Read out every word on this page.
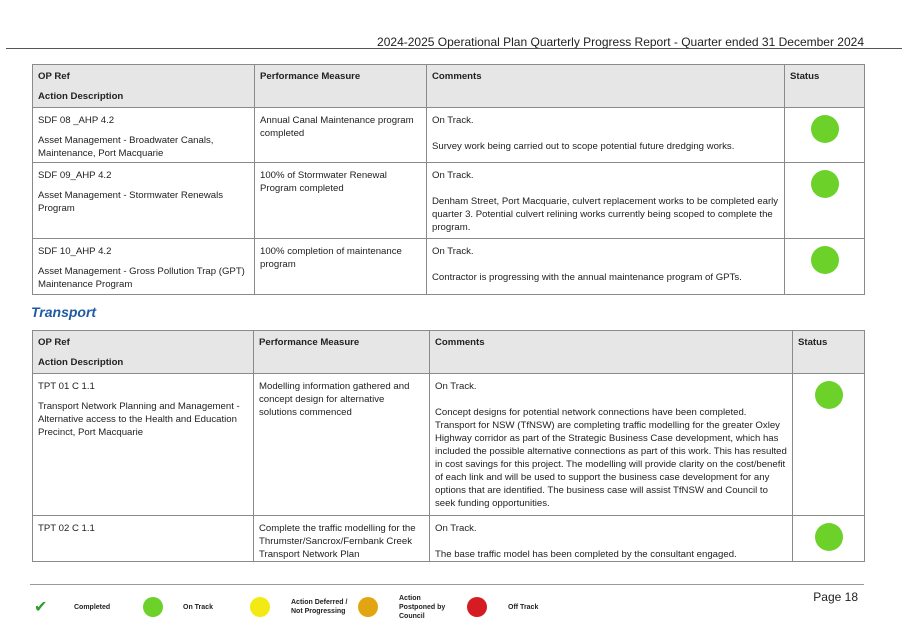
2024-2025 Operational Plan Quarterly Progress Report - Quarter ended 31 December 2024
OP Ref
Action Description	Performance Measure	Comments	Status

SDF 08 _AHP 4.2
Asset Management - Broadwater Canals, Maintenance, Port Macquarie	Annual Canal Maintenance program completed	On Track.
Survey work being carried out to scope potential future dredging works.	

SDF 09_AHP 4.2
Asset Management - Stormwater Renewals Program	100% of Stormwater Renewal Program completed	On Track.
Denham Street, Port Macquarie, culvert replacement works to be completed early quarter 3. Potential culvert relining works currently being scoped to complete the program.	

SDF 10_AHP 4.2
Asset Management - Gross Pollution Trap (GPT) Maintenance Program	100% completion of maintenance program	On Track.
Contractor is progressing with the annual maintenance program of GPTs.	
Transport
OP Ref
Action Description	Performance Measure	Comments	Status

TPT 01 C 1.1
Transport Network Planning and Management - Alternative access to the Health and Education Precinct, Port Macquarie	Modelling information gathered and concept design for alternative solutions commenced	On Track.
Concept designs for potential network connections have been completed. Transport for NSW (TfNSW) are completing traffic modelling for the greater Oxley Highway corridor as part of the Strategic Business Case development, which has included the possible alternative connections as part of this work. This has resulted in cost savings for this project. The modelling will provide clarity on the cost/benefit of each link and will be used to support the business case development for any options that are identified. The business case will assist TfNSW and Council to seek funding opportunities.	

TPT 02 C 1.1	Complete the traffic modelling for the Thrumster/Sancrox/Fernbank Creek Transport Network Plan	On Track.
The base traffic model has been completed by the consultant engaged.	
Page 18
✔	Completed	On Track
Action Deferred / Not Progressing
Action Postponed by Council
Off Track
